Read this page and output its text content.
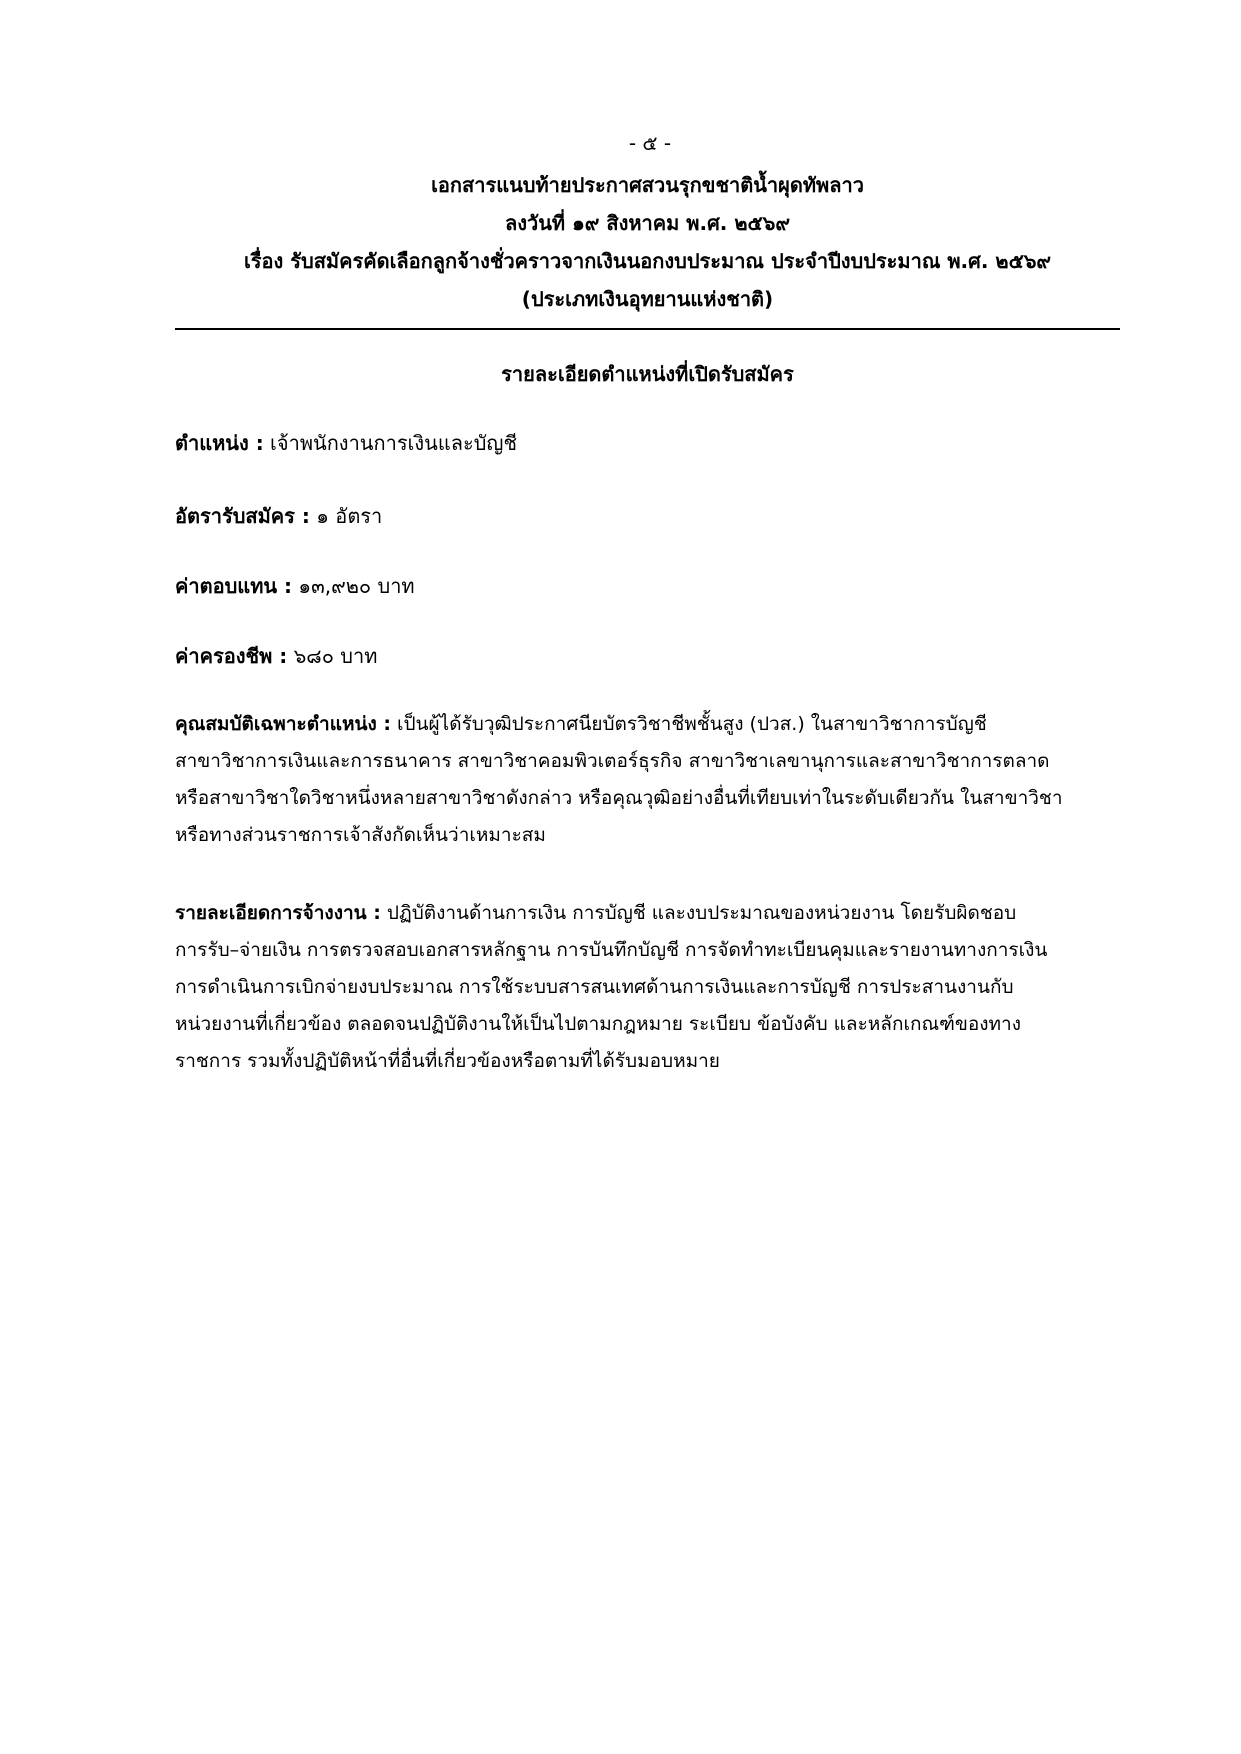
- ๕ -
เอกสารแนบท้ายประกาศสวนรุกขชาติน้ำผุดทัพลาว
ลงวันที่ ๑๙ สิงหาคม พ.ศ. ๒๕๖๙
เรื่อง รับสมัครคัดเลือกลูกจ้างชั่วคราวจากเงินนอกงบประมาณ ประจำปีงบประมาณ พ.ศ. ๒๕๖๙
(ประเภทเงินอุทยานแห่งชาติ)
รายละเอียดตำแหน่งที่เปิดรับสมัคร
ตำแหน่ง : เจ้าพนักงานการเงินและบัญชี
อัตรารับสมัคร : ๑ อัตรา
ค่าตอบแทน : ๑๓,๙๒๐ บาท
ค่าครองชีพ : ๖๘๐ บาท
คุณสมบัติเฉพาะตำแหน่ง : เป็นผู้ได้รับวุฒิประกาศนียบัตรวิชาชีพชั้นสูง (ปวส.) ในสาขาวิชาการบัญชี
สาขาวิชาการเงินและการธนาคาร สาขาวิชาคอมพิวเตอร์ธุรกิจ สาขาวิชาเลขานุการและสาขาวิชาการตลาด
หรือสาขาวิชาใดวิชาหนึ่งหลายสาขาวิชาดังกล่าว หรือคุณวุฒิอย่างอื่นที่เทียบเท่าในระดับเดียวกัน ในสาขาวิชา
หรือทางส่วนราชการเจ้าสังกัดเห็นว่าเหมาะสม
รายละเอียดการจ้างงาน : ปฏิบัติงานด้านการเงิน การบัญชี และงบประมาณของหน่วยงาน โดยรับผิดชอบ
การรับ–จ่ายเงิน การตรวจสอบเอกสารหลักฐาน การบันทึกบัญชี การจัดทำทะเบียนคุมและรายงานทางการเงิน
การดำเนินการเบิกจ่ายงบประมาณ การใช้ระบบสารสนเทศด้านการเงินและการบัญชี การประสานงานกับ
หน่วยงานที่เกี่ยวข้อง ตลอดจนปฏิบัติงานให้เป็นไปตามกฎหมาย ระเบียบ ข้อบังคับ และหลักเกณฑ์ของทาง
ราชการ รวมทั้งปฏิบัติหน้าที่อื่นที่เกี่ยวข้องหรือตามที่ได้รับมอบหมาย
